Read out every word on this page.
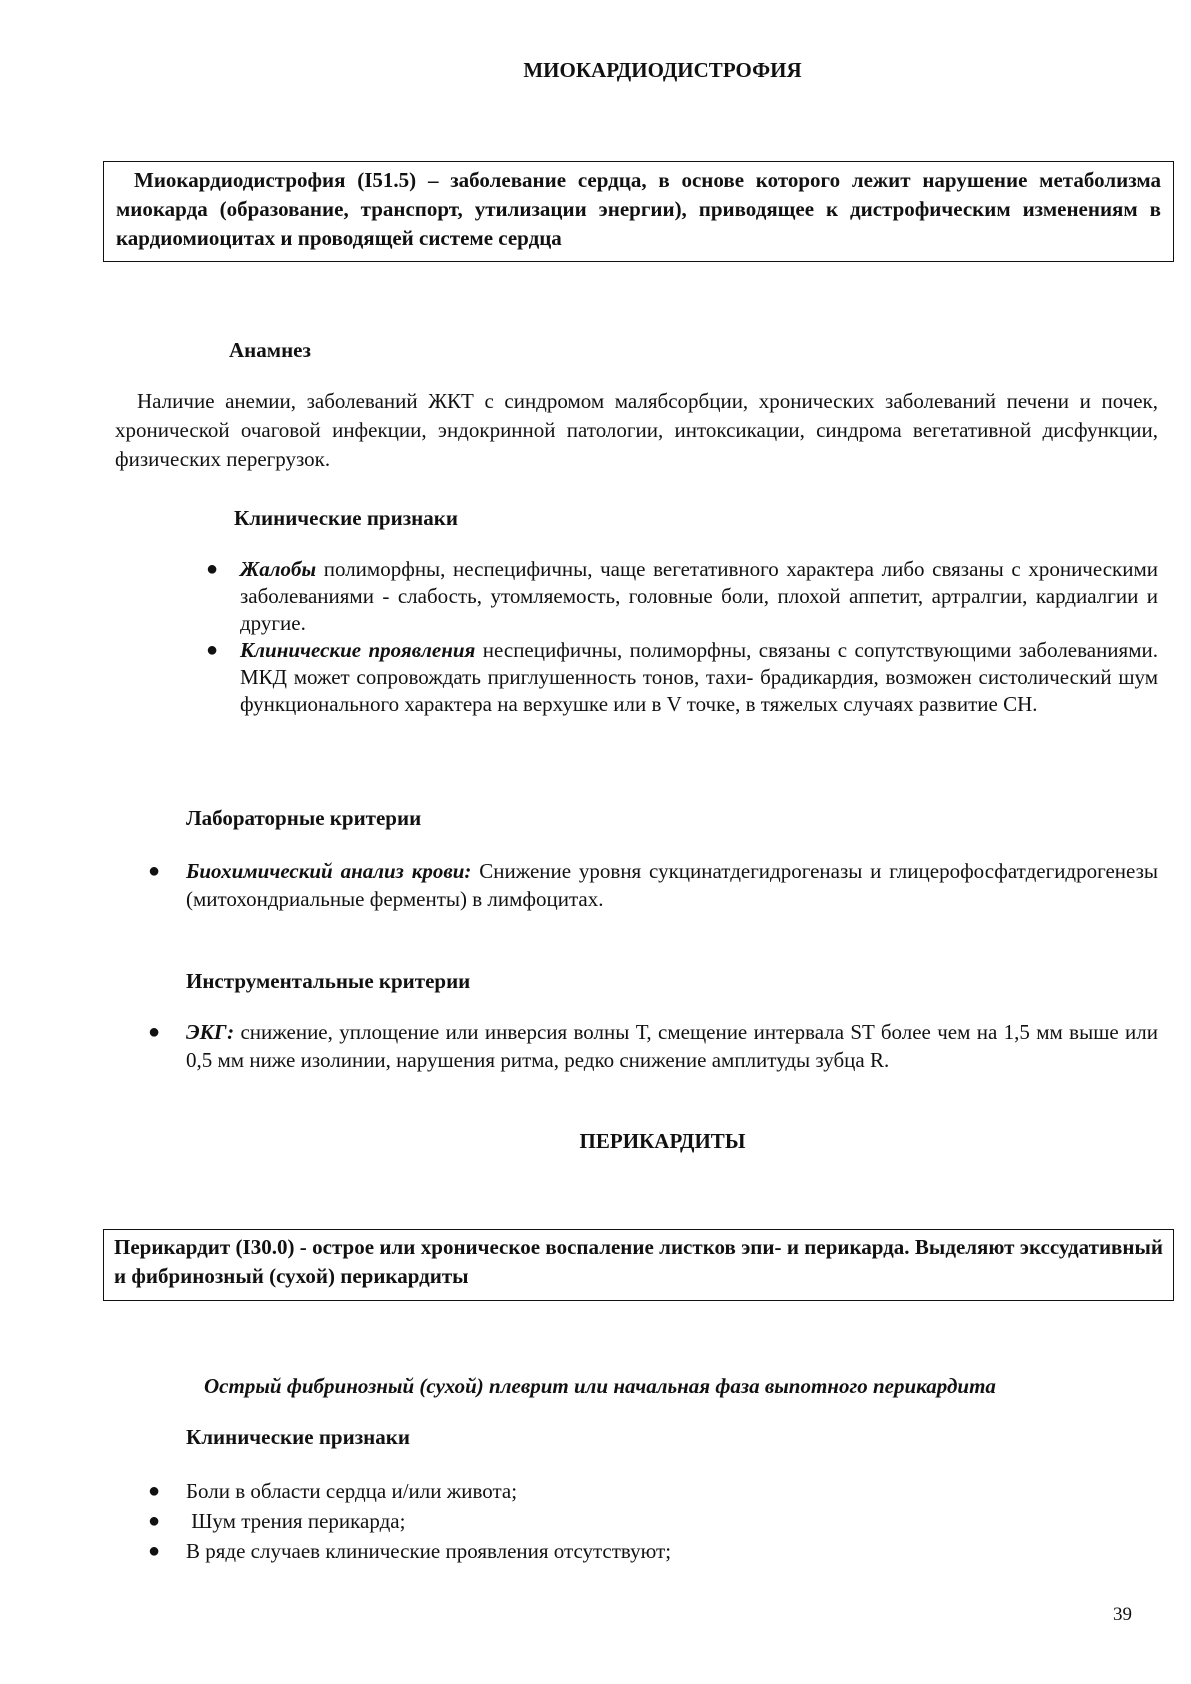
МИОКАРДИОДИСТРОФИЯ
Миокардиодистрофия (I51.5) – заболевание сердца, в основе которого лежит нарушение метаболизма миокарда (образование, транспорт, утилизации энергии), приводящее к дистрофическим изменениям в кардиомиоцитах и проводящей системе сердца
Анамнез
Наличие анемии, заболеваний ЖКТ с синдромом малябсорбции, хронических заболеваний печени и почек, хронической очаговой инфекции, эндокринной патологии, интоксикации, синдрома вегетативной дисфункции, физических перегрузок.
Клинические признаки
● Жалобы полиморфны, неспецифичны, чаще вегетативного характера либо связаны с хроническими заболеваниями - слабость, утомляемость, головные боли, плохой аппетит, артралгии, кардиалгии и другие.
● Клинические проявления неспецифичны, полиморфны, связаны с сопутствующими заболеваниями. МКД может сопровождать приглушенность тонов, тахи- брадикардия, возможен систолический шум функционального характера на верхушке или в V точке, в тяжелых случаях развитие СН.
Лабораторные критерии
● Биохимический анализ крови: Снижение уровня сукцинатдегидрогеназы и глицерофосфатдегидрогенезы (митохондриальные ферменты) в лимфоцитах.
Инструментальные критерии
● ЭКГ: снижение, уплощение или инверсия волны Т, смещение интервала ST более чем на 1,5 мм выше или 0,5 мм ниже изолинии, нарушения ритма, редко снижение амплитуды зубца R.
ПЕРИКАРДИТЫ
Перикардит (I30.0) - острое или хроническое воспаление листков эпи- и перикарда. Выделяют экссудативный и фибринозный (сухой) перикардиты
Острый фибринозный (сухой) плеврит или начальная фаза выпотного перикардита
Клинические признаки
● Боли в области сердца и/или живота;
● Шум трения перикарда;
● В ряде случаев клинические проявления отсутствуют;
39
